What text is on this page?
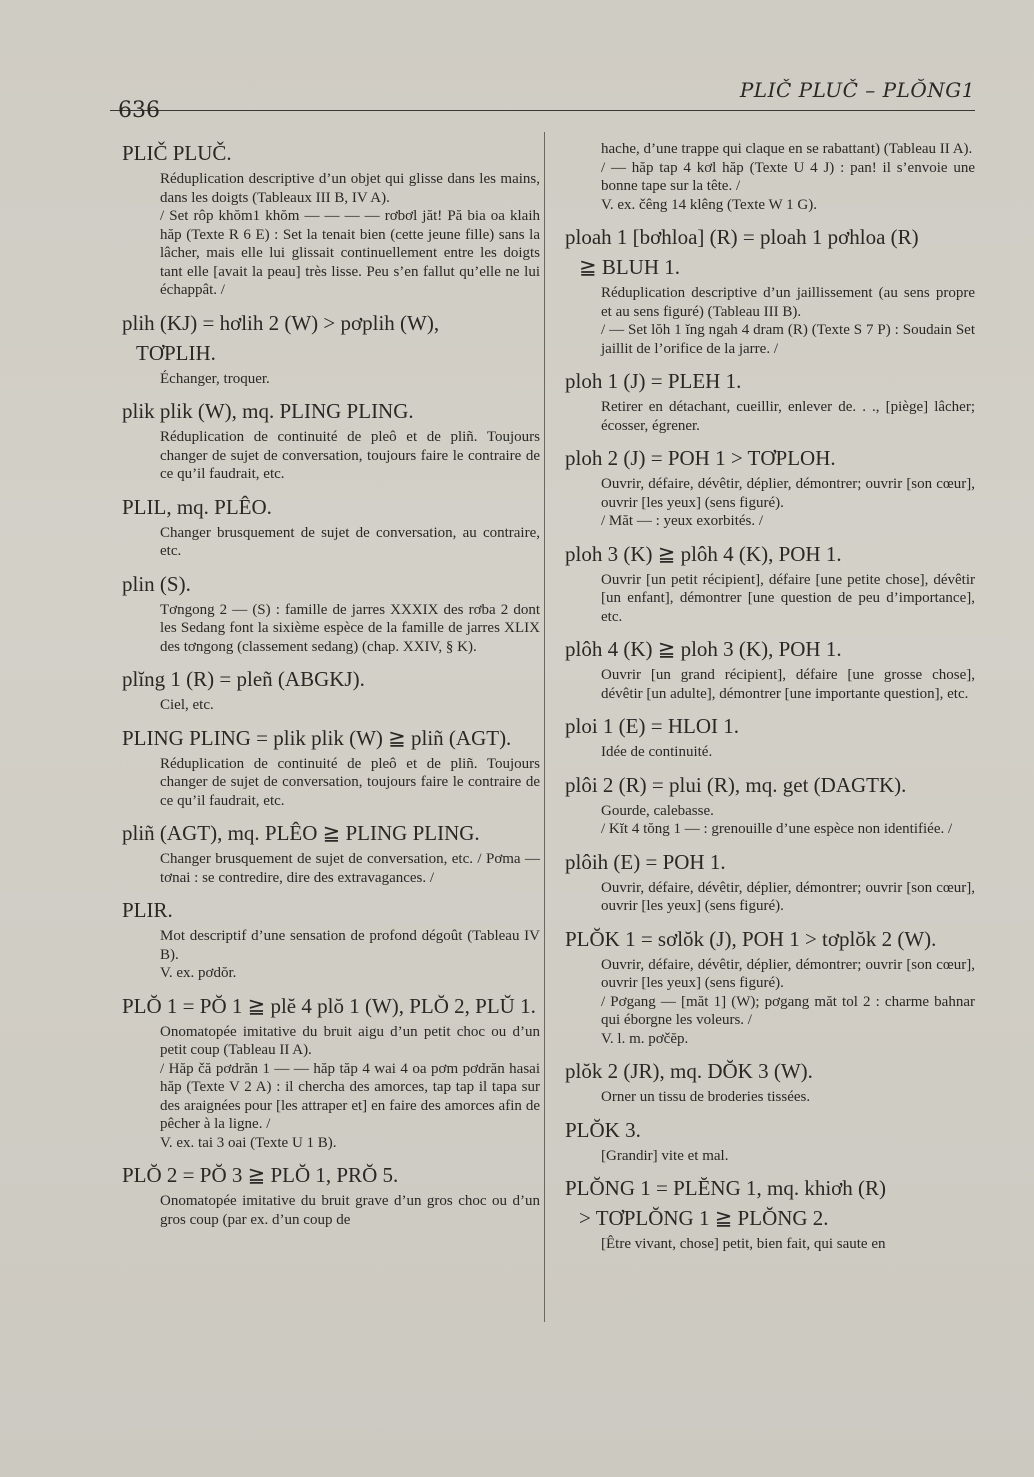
636
PLIČ PLUČ – PLŎNG1
PLIČ PLUČ.

Réduplication descriptive d’un objet qui glisse dans les mains, dans les doigts (Tableaux III B, IV A).

/ Set rôp khŏm1 khŏm — — — — rơbơl jăt! Pă bia oa klaih hăp (Texte R 6 E) : Set la tenait bien (cette jeune fille) sans la lâcher, mais elle lui glissait continuellement entre les doigts tant elle [avait la peau] très lisse. Peu s’en fallut qu’elle ne lui échappât. /

plih (KJ) = hơlih 2 (W) > pơplih (W),
TƠPLIH.

Échanger, troquer.

plik plik (W), mq. PLING PLING.

Réduplication de continuité de pleô et de pliñ. Toujours changer de sujet de conversation, toujours faire le contraire de ce qu’il faudrait, etc.

PLIL, mq. PLÊO.

Changer brusquement de sujet de conversation, au contraire, etc.

plin (S).

Tơngong 2 — (S) : famille de jarres XXXIX des rơba 2 dont les Sedang font la sixième espèce de la famille de jarres XLIX des tơngong (classement sedang) (chap. XXIV, § K).

plĭng 1 (R) = pleñ (ABGKJ).

Ciel, etc.

PLING PLING = plik plik (W) ≧ pliñ (AGT).

Réduplication de continuité de pleô et de pliñ. Toujours changer de sujet de conversation, toujours faire le contraire de ce qu’il faudrait, etc.

pliñ (AGT), mq. PLÊO ≧ PLING PLING.

Changer brusquement de sujet de conversation, etc. / Pơma — tơnai : se contredire, dire des extravagances. /

PLIR.

Mot descriptif d’une sensation de profond dégoût (Tableau IV B).

V. ex. pơdŏr.

PLŎ 1 = PŎ 1 ≧ plĕ 4 plŏ 1 (W), PLŎ 2, PLŬ 1.

Onomatopée imitative du bruit aigu d’un petit choc ou d’un petit coup (Tableau II A).

/ Hăp čă pơdrăn 1 — — hăp tăp 4 wai 4 oa pơm pơdrăn hasai hăp (Texte V 2 A) : il chercha des amorces, tap tap il tapa sur des araignées pour [les attraper et] en faire des amorces afin de pêcher à la ligne. /

V. ex. tai 3 oai (Texte U 1 B).

PLŎ 2 = PŎ 3 ≧ PLŎ 1, PRŎ 5.

Onomatopée imitative du bruit grave d’un gros choc ou d’un gros coup (par ex. d’un coup de

hache, d’une trappe qui claque en se rabattant) (Tableau II A).

/ — hăp tap 4 kơl hăp (Texte U 4 J) : pan! il s’envoie une bonne tape sur la tête. /

V. ex. čêng 14 klêng (Texte W 1 G).

ploah 1 [bơhloa] (R) = ploah 1 pơhloa (R)
≧ BLUH 1.

Réduplication descriptive d’un jaillissement (au sens propre et au sens figuré) (Tableau III B).

/ — Set lŏh 1 ĭng ngah 4 dram (R) (Texte S 7 P) : Soudain Set jaillit de l’orifice de la jarre. /

ploh 1 (J) = PLEH 1.

Retirer en détachant, cueillir, enlever de. . ., [piège] lâcher; écosser, égrener.

ploh 2 (J) = POH 1 > TƠPLOH.

Ouvrir, défaire, dévêtir, déplier, démontrer; ouvrir [son cœur], ouvrir [les yeux] (sens figuré).

/ Măt — : yeux exorbités. /

ploh 3 (K) ≧ plôh 4 (K), POH 1.

Ouvrir [un petit récipient], défaire [une petite chose], dévêtir [un enfant], démontrer [une question de peu d’importance], etc.

plôh 4 (K) ≧ ploh 3 (K), POH 1.

Ouvrir [un grand récipient], défaire [une grosse chose], dévêtir [un adulte], démontrer [une importante question], etc.

ploi 1 (E) = HLOI 1.

Idée de continuité.

plôi 2 (R) = plui (R), mq. get (DAGTK).

Gourde, calebasse.

/ Kĭt 4 tŏng 1 — : grenouille d’une espèce non identifiée. /

plôih (E) = POH 1.

Ouvrir, défaire, dévêtir, déplier, démontrer; ouvrir [son cœur], ouvrir [les yeux] (sens figuré).

PLŎK 1 = sơlŏk (J), POH 1 > tơplŏk 2 (W).

Ouvrir, défaire, dévêtir, déplier, démontrer; ouvrir [son cœur], ouvrir [les yeux] (sens figuré).

/ Pơgang — [măt 1] (W); pơgang măt tol 2 : charme bahnar qui éborgne les voleurs. /

V. l. m. pơčĕp.

plŏk 2 (JR), mq. DŎK 3 (W).

Orner un tissu de broderies tissées.

PLŎK 3.

[Grandir] vite et mal.

PLŎNG 1 = PLĔNG 1, mq. khiơh (R)
> TƠPLŎNG 1 ≧ PLŎNG 2.

[Être vivant, chose] petit, bien fait, qui saute en
